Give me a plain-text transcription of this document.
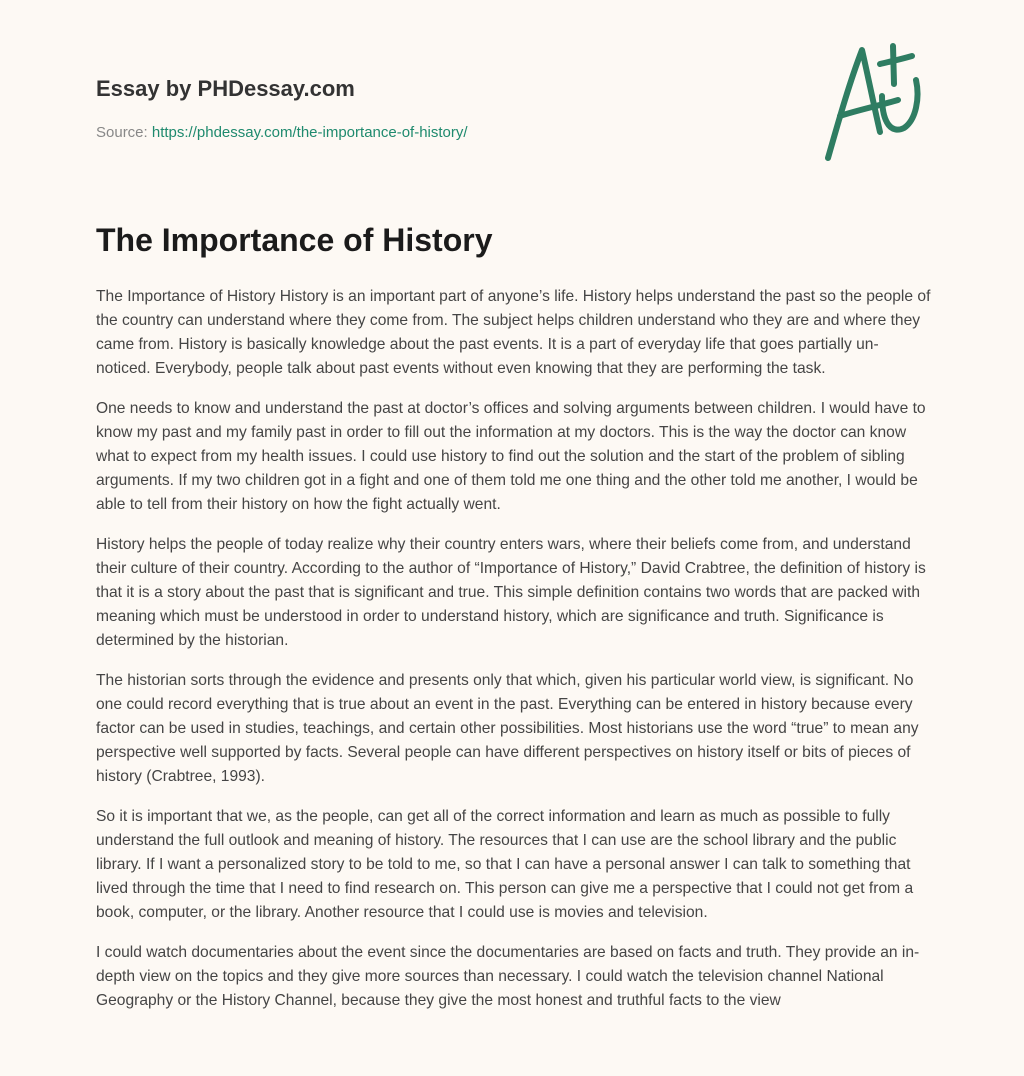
Essay by PHDessay.com

Source: https://phdessay.com/the-importance-of-history/
The Importance of History

The Importance of History History is an important part of anyone’s life. History helps understand the past so the people of the country can understand where they come from. The subject helps children understand who they are and where they came from. History is basically knowledge about the past events. It is a part of everyday life that goes partially un-noticed. Everybody, people talk about past events without even knowing that they are performing the task.

One needs to know and understand the past at doctor’s offices and solving arguments between children. I would have to know my past and my family past in order to fill out the information at my doctors. This is the way the doctor can know what to expect from my health issues. I could use history to find out the solution and the start of the problem of sibling arguments. If my two children got in a fight and one of them told me one thing and the other told me another, I would be able to tell from their history on how the fight actually went.

History helps the people of today realize why their country enters wars, where their beliefs come from, and understand their culture of their country. According to the author of “Importance of History,” David Crabtree, the definition of history is that it is a story about the past that is significant and true. This simple definition contains two words that are packed with meaning which must be understood in order to understand history, which are significance and truth. Significance is determined by the historian.

The historian sorts through the evidence and presents only that which, given his particular world view, is significant. No one could record everything that is true about an event in the past. Everything can be entered in history because every factor can be used in studies, teachings, and certain other possibilities. Most historians use the word “true” to mean any perspective well supported by facts. Several people can have different perspectives on history itself or bits of pieces of history (Crabtree, 1993).

So it is important that we, as the people, can get all of the correct information and learn as much as possible to fully understand the full outlook and meaning of history. The resources that I can use are the school library and the public library. If I want a personalized story to be told to me, so that I can have a personal answer I can talk to something that lived through the time that I need to find research on. This person can give me a perspective that I could not get from a book, computer, or the library. Another resource that I could use is movies and television.

I could watch documentaries about the event since the documentaries are based on facts and truth. They provide an in-depth view on the topics and they give more sources than necessary. I could watch the television channel National Geography or the History Channel, because they give the most honest and truthful facts to the view
